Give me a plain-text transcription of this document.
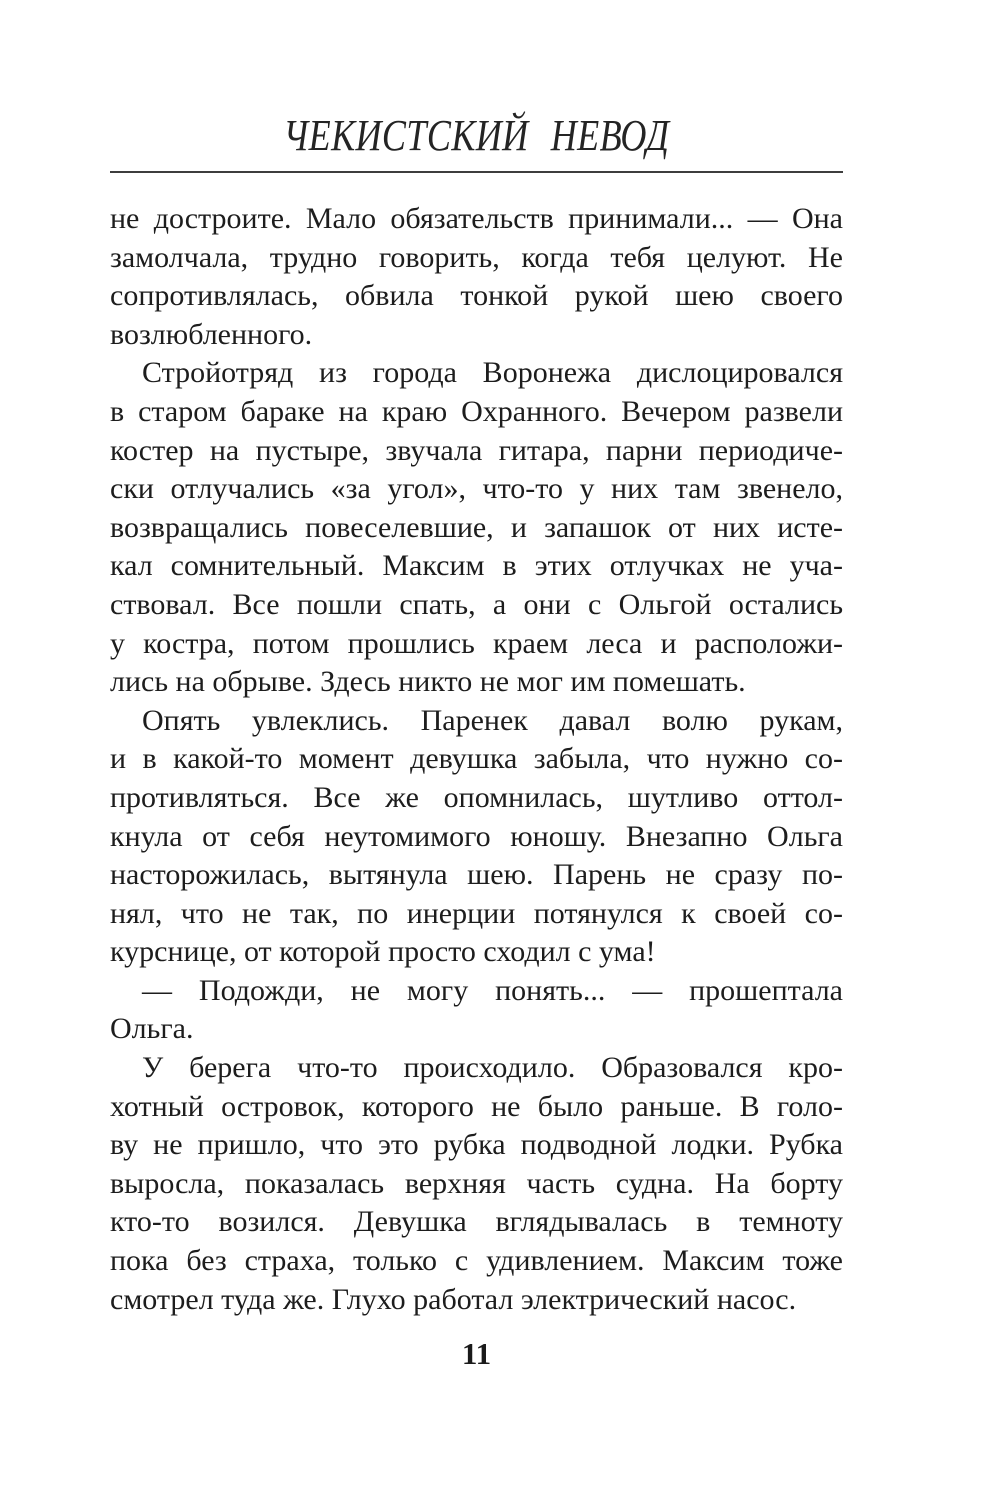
ЧЕКИСТСКИЙ НЕВОД
не достроите. Мало обязательств принимали... — Она
замолчала, трудно говорить, когда тебя целуют. Не
сопротивлялась, обвила тонкой рукой шею своего
возлюбленного.
Стройотряд из города Воронежа дислоцировался
в старом бараке на краю Охранного. Вечером развели
костер на пустыре, звучала гитара, парни периодиче-
ски отлучались «за угол», что-то у них там звенело,
возвращались повеселевшие, и запашок от них исте-
кал сомнительный. Максим в этих отлучках не уча-
ствовал. Все пошли спать, а они с Ольгой остались
у костра, потом прошлись краем леса и расположи-
лись на обрыве. Здесь никто не мог им помешать.
Опять увлеклись. Паренек давал волю рукам,
и в какой-то момент девушка забыла, что нужно со-
противляться. Все же опомнилась, шутливо оттол-
кнула от себя неутомимого юношу. Внезапно Ольга
насторожилась, вытянула шею. Парень не сразу по-
нял, что не так, по инерции потянулся к своей со-
курснице, от которой просто сходил с ума!
— Подожди, не могу понять... — прошептала
Ольга.
У берега что-то происходило. Образовался кро-
хотный островок, которого не было раньше. В голо-
ву не пришло, что это рубка подводной лодки. Рубка
выросла, показалась верхняя часть судна. На борту
кто-то возился. Девушка вглядывалась в темноту
пока без страха, только с удивлением. Максим тоже
смотрел туда же. Глухо работал электрический насос.
11
